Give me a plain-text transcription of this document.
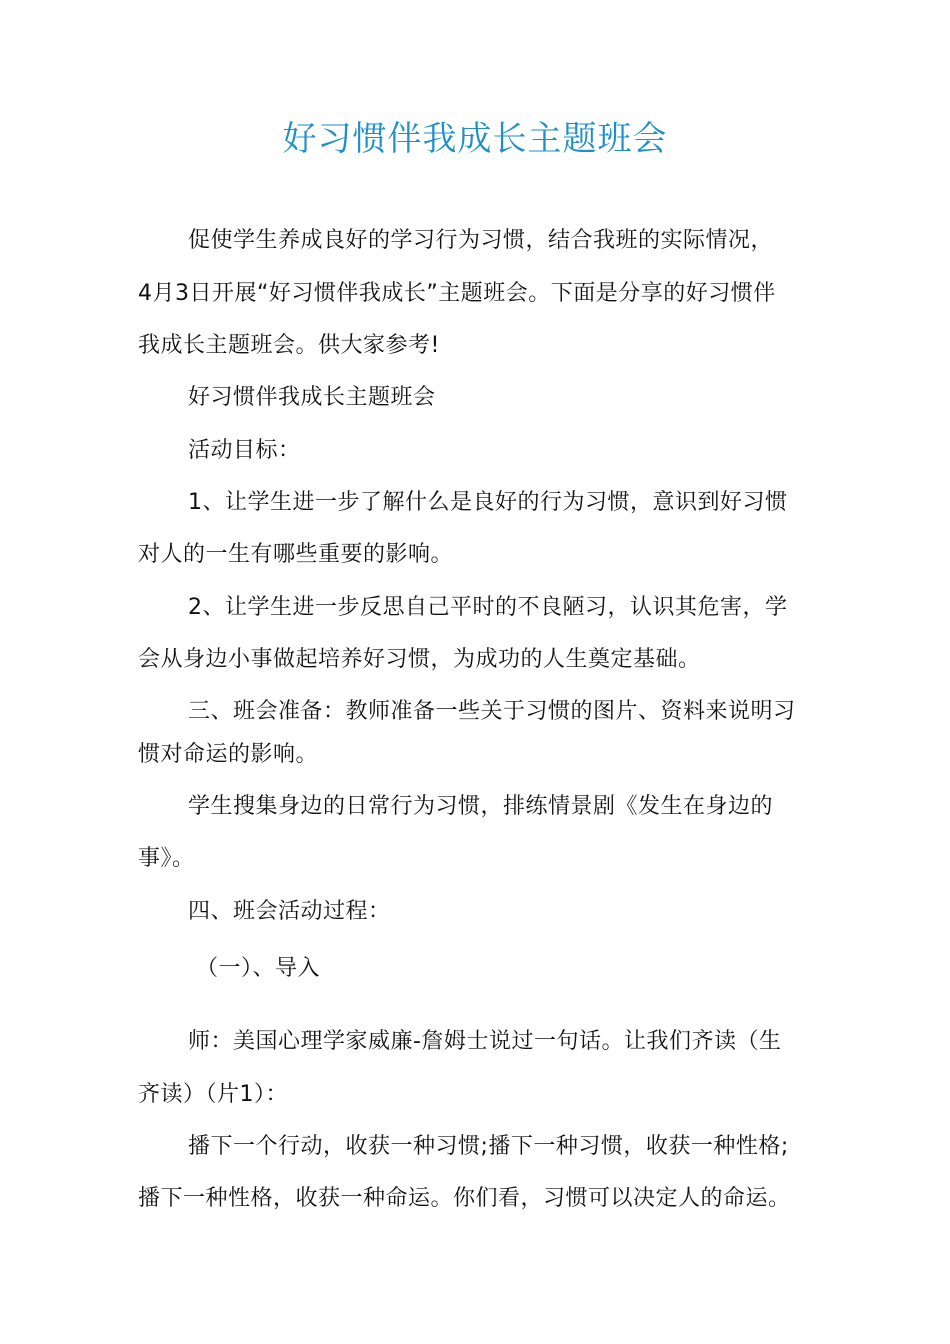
好习惯伴我成长主题班会
促使学生养成良好的学习行为习惯，结合我班的实际情况，
4月3日开展“好习惯伴我成长”主题班会。下面是分享的好习惯伴
我成长主题班会。供大家参考!
好习惯伴我成长主题班会
活动目标：
1、让学生进一步了解什么是良好的行为习惯，意识到好习惯
对人的一生有哪些重要的影响。
2、让学生进一步反思自己平时的不良陋习，认识其危害，学
会从身边小事做起培养好习惯，为成功的人生奠定基础。
三、班会准备：教师准备一些关于习惯的图片、资料来说明习
惯对命运的影响。
学生搜集身边的日常行为习惯，排练情景剧《发生在身边的
事》。
四、班会活动过程：
（一）、导入
师：美国心理学家威廉-詹姆士说过一句话。让我们齐读（生
齐读）（片1）：
播下一个行动，收获一种习惯;播下一种习惯，收获一种性格;
播下一种性格，收获一种命运。你们看，习惯可以决定人的命运。
